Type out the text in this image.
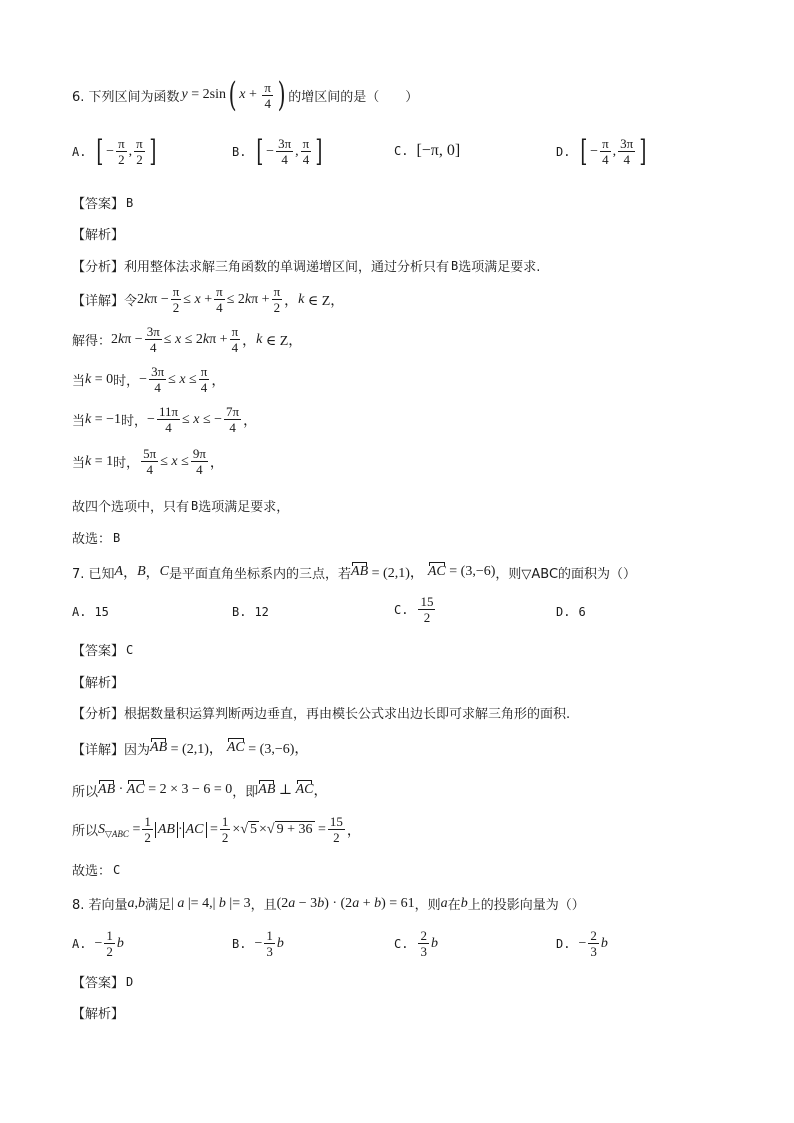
6. 下列区间为函数 y = 2 sin ( $x + \frac{\pi}{4}$ ) 的增区间的是（　　）
A. [ − $\frac{\pi}{2}$ , $\frac{\pi}{2}$ ]	B. [ − $\frac{3\pi}{4}$ , $\frac{\pi}{4}$ ]	C. [−π, 0]	D. [ − $\frac{\pi}{4}$ , $\frac{3\pi}{4}$ ]
【答案】 B
【解析】
【分析】 利用整体法求解三角函数的单调递增区间，通过分析只有 B 选项满足要求.
【详解】 令 2 k $\pi - \frac{\pi}{2} \le x + \frac{\pi}{4} \le 2$ k $\pi + \frac{\pi}{2}$ ， k ∈ Z，
解得： 2 k $\pi - \frac{3\pi}{4} \le x \le 2$ k $\pi + \frac{\pi}{4}$ ， k ∈ Z，
当 k = 0 时， − $\frac{3\pi}{4} \le x \le \frac{\pi}{4}$ ，
当 k = −1 时， − $\frac{11\pi}{4} \le x$ ≤ − $\frac{7\pi}{4}$ ，
当 k = 1 时， $\frac{5\pi}{4} \le x \le \frac{9\pi}{4}$ ，
故四个选项中，只有 B 选项满足要求，
故选： B
7. 已知 A ， B ， C 是平面直角坐标系内的三点，若 AB = (2,1)， AC = (3,−6) ，则▽ABC的面积为（）
A. 15	B. 12	C. $\frac{15}{2}$	D. 6
【答案】 C
【解析】
【分析】 根据数量积运算判断两边垂直，再由模长公式求出边长即可求解三角形的面积.
【详解】 因为 AB = (2,1)， AC = (3,−6)，
所以 AB · AC = 2 × 3 − 6 = 0 ，即 AB ⊥ AC ，
所以 S ▽ABC = $\frac{1}{2}$ AB · AC = $\frac{1}{2}$ ×√ 5 ×√ $9 + 36 = \frac{15}{2}$ ，
故选： C
8. 若向量 a , b 满足 | a |= 4,| b |= 3 ，且 (2 a − 3 b ) · (2 a + b ) = 61 ，则 a 在 b 上的投影向量为（）
A. − $\frac{1}{2}$ b	B. − $\frac{1}{3}$ b	C. $\frac{2}{3}$ b	D. − $\frac{2}{3}$ b
【答案】 D
【解析】
